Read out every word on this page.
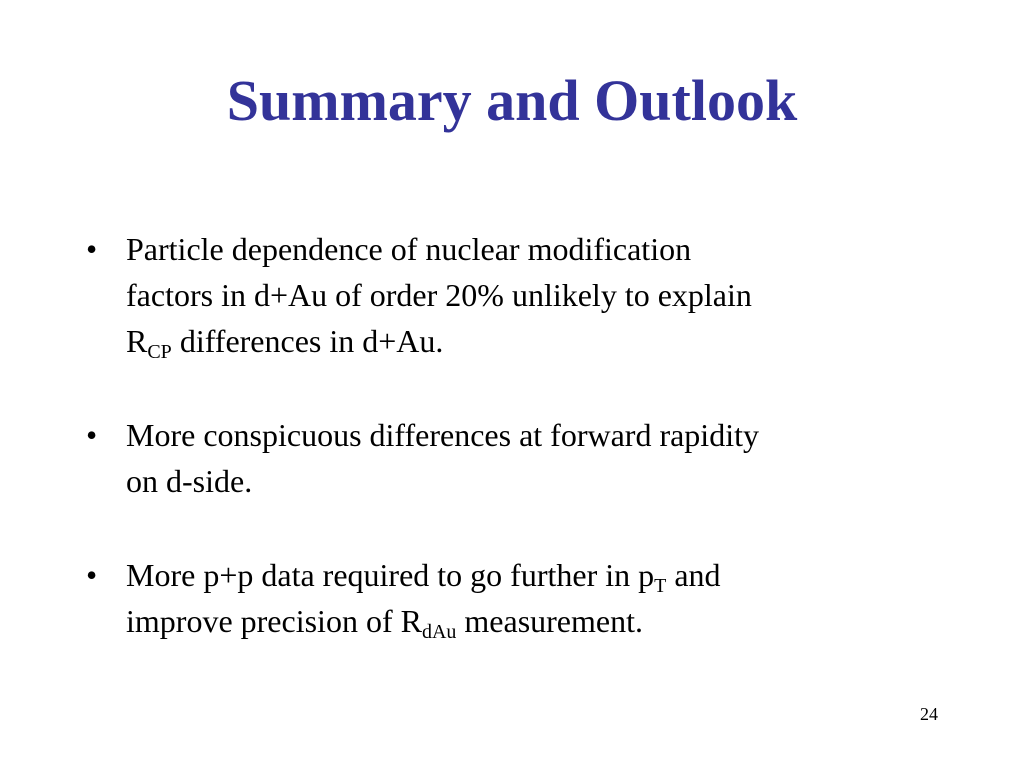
Summary and Outlook
• Particle dependence of nuclear modification
factors in d+Au of order 20% unlikely to explain
$R_{CP}$ differences in d+Au.
• More conspicuous differences at forward rapidity
on d-side.
• More p+p data required to go further in $p_T$ and
improve precision of $R_{dAu}$ measurement.
24
